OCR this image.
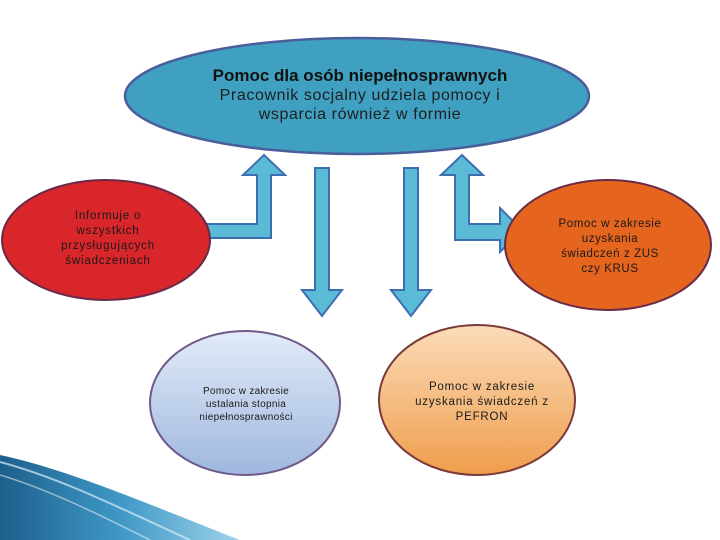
Pomoc dla osób niepełnosprawnych
Pracownik socjalny udziela pomocy i
wsparcia również w formie
Informuje o
wszystkich
przysługujących
świadczeniach
Pomoc w zakresie
uzyskania
świadczeń z ZUS
czy KRUS
Pomoc w zakresie
ustalania stopnia
niepełnosprawności
Pomoc w zakresie
uzyskania świadczeń z
PEFRON
